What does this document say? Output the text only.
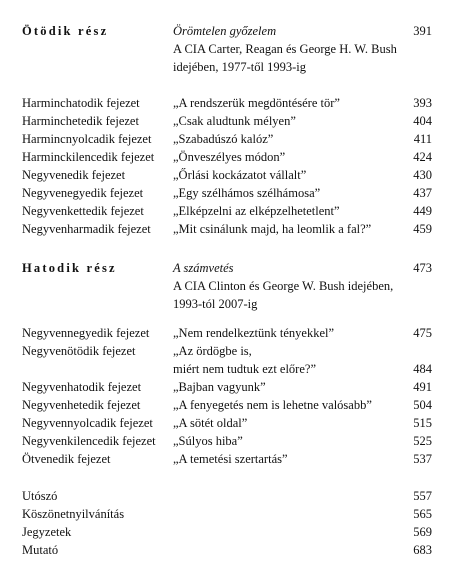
Ötödik rész	Örömtelen győzelem	391
A CIA Carter, Reagan és George H. W. Bush
idejében, 1977-től 1993-ig
Harminchatodik fejezet	„A rendszerük megdöntésére tör”	393
Harminchetedik fejezet	„Csak aludtunk mélyen”	404
Harmincnyolcadik fejezet „Szabadúszó kalóz”	411
Harminckilencedik fejezet „Önveszélyes módon”	424
Negyvenedik fejezet	„Őrlási kockázatot vállalt”	430
Negyvenegyedik fejezet „Egy szélhámos szélhámosa”	437
Negyvenkettedik fejezet „Elképzelni az elképzelhetetlent”	449
Negyvenharmadik fejezet „Mit csinálunk majd, ha leomlik a fal?”	459
Hatodik rész	A számvetés	473
A CIA Clinton és George W. Bush idejében,
1993-tól 2007-ig
Negyvennegyedik fejezet „Nem rendelkeztünk tényekkel”	475
Negyvenötödik fejezet	„Az ördögbe is,
miért nem tudtuk ezt előre?”	484
Negyvenhatodik fejezet	„Bajban vagyunk”	491
Negyvenhetedik fejezet	„A fenyegetés nem is lehetne valósabb”	504
Negyvennyolcadik fejezet „A sötét oldal”	515
Negyvenkilencedik fejezet „Súlyos hiba”	525
Ötvenedik fejezet	„A temetési szertartás”	537
Utószó	557
Köszönetnyilvánítás	565
Jegyzetek	569
Mutató	683
